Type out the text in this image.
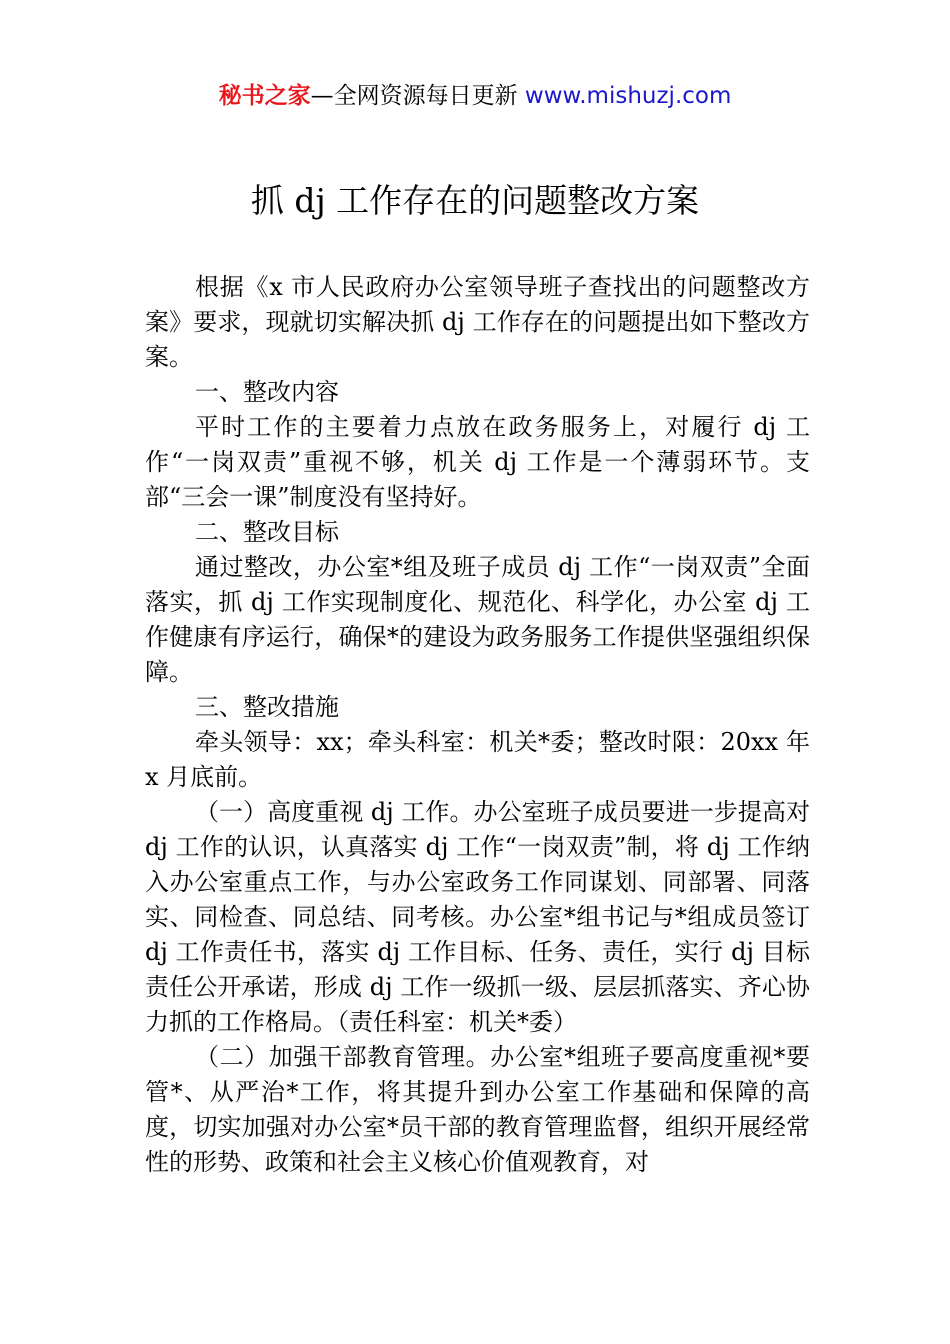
秘书之家—全网资源每日更新 www.mishuzj.com
抓 dj 工作存在的问题整改方案

根据《x 市人民政府办公室领导班子查找出的问题整改方案》要求，现就切实解决抓 dj 工作存在的问题提出如下整改方案。

一、整改内容

平时工作的主要着力点放在政务服务上，对履行 dj 工作“一岗双责”重视不够，机关 dj 工作是一个薄弱环节。支部“三会一课”制度没有坚持好。

二、整改目标

通过整改，办公室*组及班子成员 dj 工作“一岗双责”全面落实，抓 dj 工作实现制度化、规范化、科学化，办公室 dj 工作健康有序运行，确保*的建设为政务服务工作提供坚强组织保障。

三、整改措施

牵头领导：xx；牵头科室：机关*委；整改时限：20xx 年 x 月底前。

（一）高度重视 dj 工作。办公室班子成员要进一步提高对 dj 工作的认识，认真落实 dj 工作“一岗双责”制，将 dj 工作纳入办公室重点工作，与办公室政务工作同谋划、同部署、同落实、同检查、同总结、同考核。办公室*组书记与*组成员签订 dj 工作责任书，落实 dj 工作目标、任务、责任，实行 dj 目标责任公开承诺，形成 dj 工作一级抓一级、层层抓落实、齐心协力抓的工作格局。（责任科室：机关*委）

（二）加强干部教育管理。办公室*组班子要高度重视*要管*、从严治*工作，将其提升到办公室工作基础和保障的高度，切实加强对办公室*员干部的教育管理监督，组织开展经常性的形势、政策和社会主义核心价值观教育，对
